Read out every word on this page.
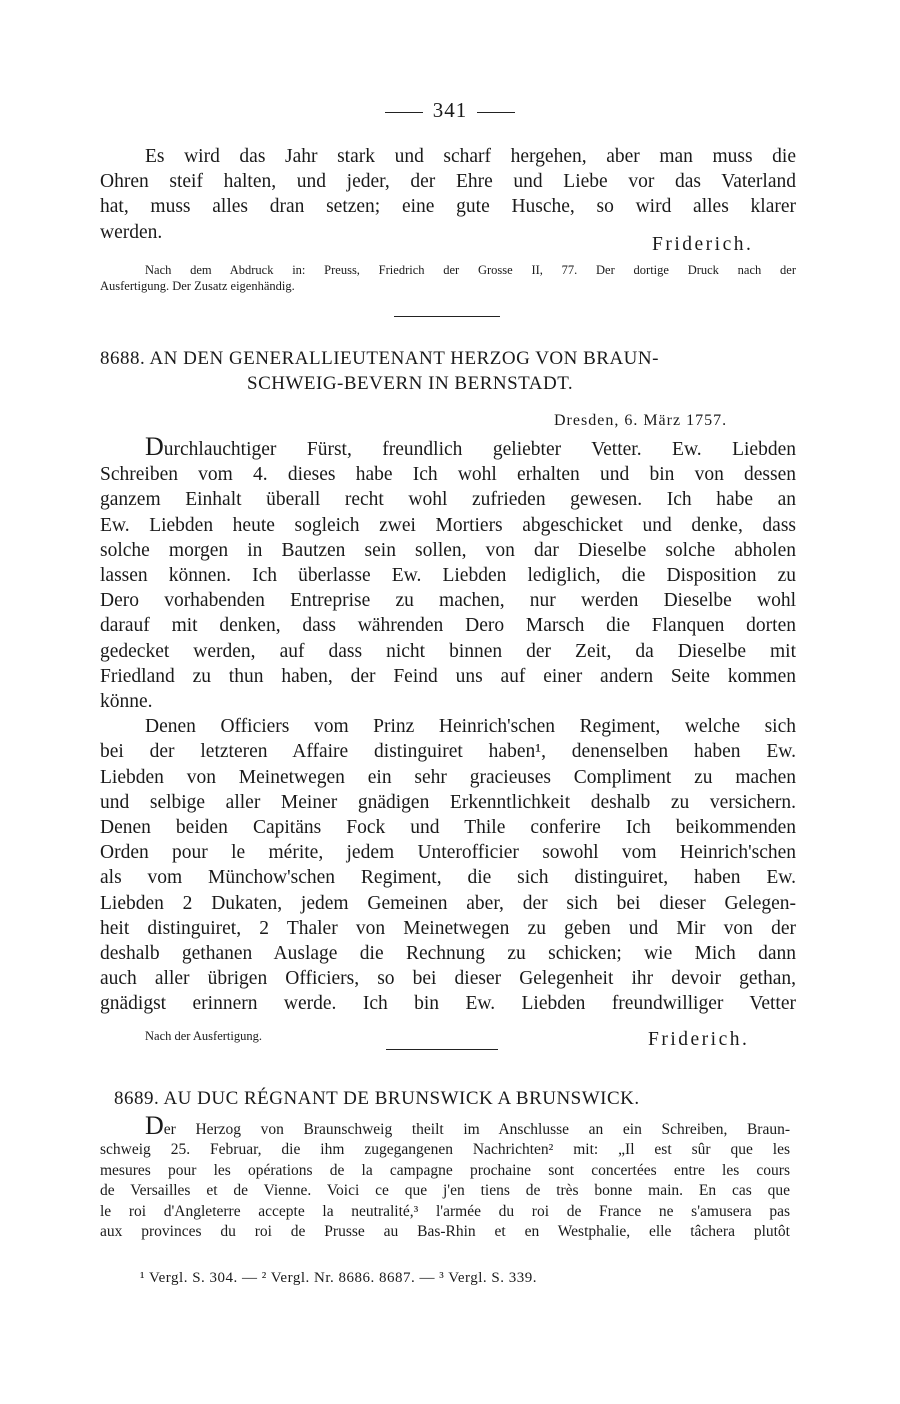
341
Es wird das Jahr stark und scharf hergehen, aber man muss die
Ohren steif halten, und jeder, der Ehre und Liebe vor das Vaterland
hat, muss alles dran setzen; eine gute Husche, so wird alles klarer
werden.
Friderich.
Nach dem Abdruck in: Preuss, Friedrich der Grosse II, 77. Der dortige Druck nach der
Ausfertigung. Der Zusatz eigenhändig.
8688. AN DEN GENERALLIEUTENANT HERZOG VON BRAUN-
SCHWEIG-BEVERN IN BERNSTADT.
Dresden, 6. März 1757.
Durchlauchtiger Fürst, freundlich geliebter Vetter. Ew. Liebden
Schreiben vom 4. dieses habe Ich wohl erhalten und bin von dessen
ganzem Einhalt überall recht wohl zufrieden gewesen. Ich habe an
Ew. Liebden heute sogleich zwei Mortiers abgeschicket und denke, dass
solche morgen in Bautzen sein sollen, von dar Dieselbe solche abholen
lassen können. Ich überlasse Ew. Liebden lediglich, die Disposition zu
Dero vorhabenden Entreprise zu machen, nur werden Dieselbe wohl
darauf mit denken, dass währenden Dero Marsch die Flanquen dorten
gedecket werden, auf dass nicht binnen der Zeit, da Dieselbe mit
Friedland zu thun haben, der Feind uns auf einer andern Seite kommen
könne.
Denen Officiers vom Prinz Heinrich'schen Regiment, welche sich
bei der letzteren Affaire distinguiret haben¹, denenselben haben Ew.
Liebden von Meinetwegen ein sehr gracieuses Compliment zu machen
und selbige aller Meiner gnädigen Erkenntlichkeit deshalb zu versichern.
Denen beiden Capitäns Fock und Thile conferire Ich beikommenden
Orden pour le mérite, jedem Unterofficier sowohl vom Heinrich'schen
als vom Münchow'schen Regiment, die sich distinguiret, haben Ew.
Liebden 2 Dukaten, jedem Gemeinen aber, der sich bei dieser Gelegen-
heit distinguiret, 2 Thaler von Meinetwegen zu geben und Mir von der
deshalb gethanen Auslage die Rechnung zu schicken; wie Mich dann
auch aller übrigen Officiers, so bei dieser Gelegenheit ihr devoir gethan,
gnädigst erinnern werde. Ich bin Ew. Liebden freundwilliger Vetter
Nach der Ausfertigung.	Friderich.
8689. AU DUC RÉGNANT DE BRUNSWICK A BRUNSWICK.
Der Herzog von Braunschweig theilt im Anschlusse an ein Schreiben, Braun-
schweig 25. Februar, die ihm zugegangenen Nachrichten² mit: „Il est sûr que les
mesures pour les opérations de la campagne prochaine sont concertées entre les cours
de Versailles et de Vienne. Voici ce que j'en tiens de très bonne main. En cas que
le roi d'Angleterre accepte la neutralité,³ l'armée du roi de France ne s'amusera pas
aux provinces du roi de Prusse au Bas-Rhin et en Westphalie, elle tâchera plutôt
¹ Vergl. S. 304. — ² Vergl. Nr. 8686. 8687. — ³ Vergl. S. 339.
